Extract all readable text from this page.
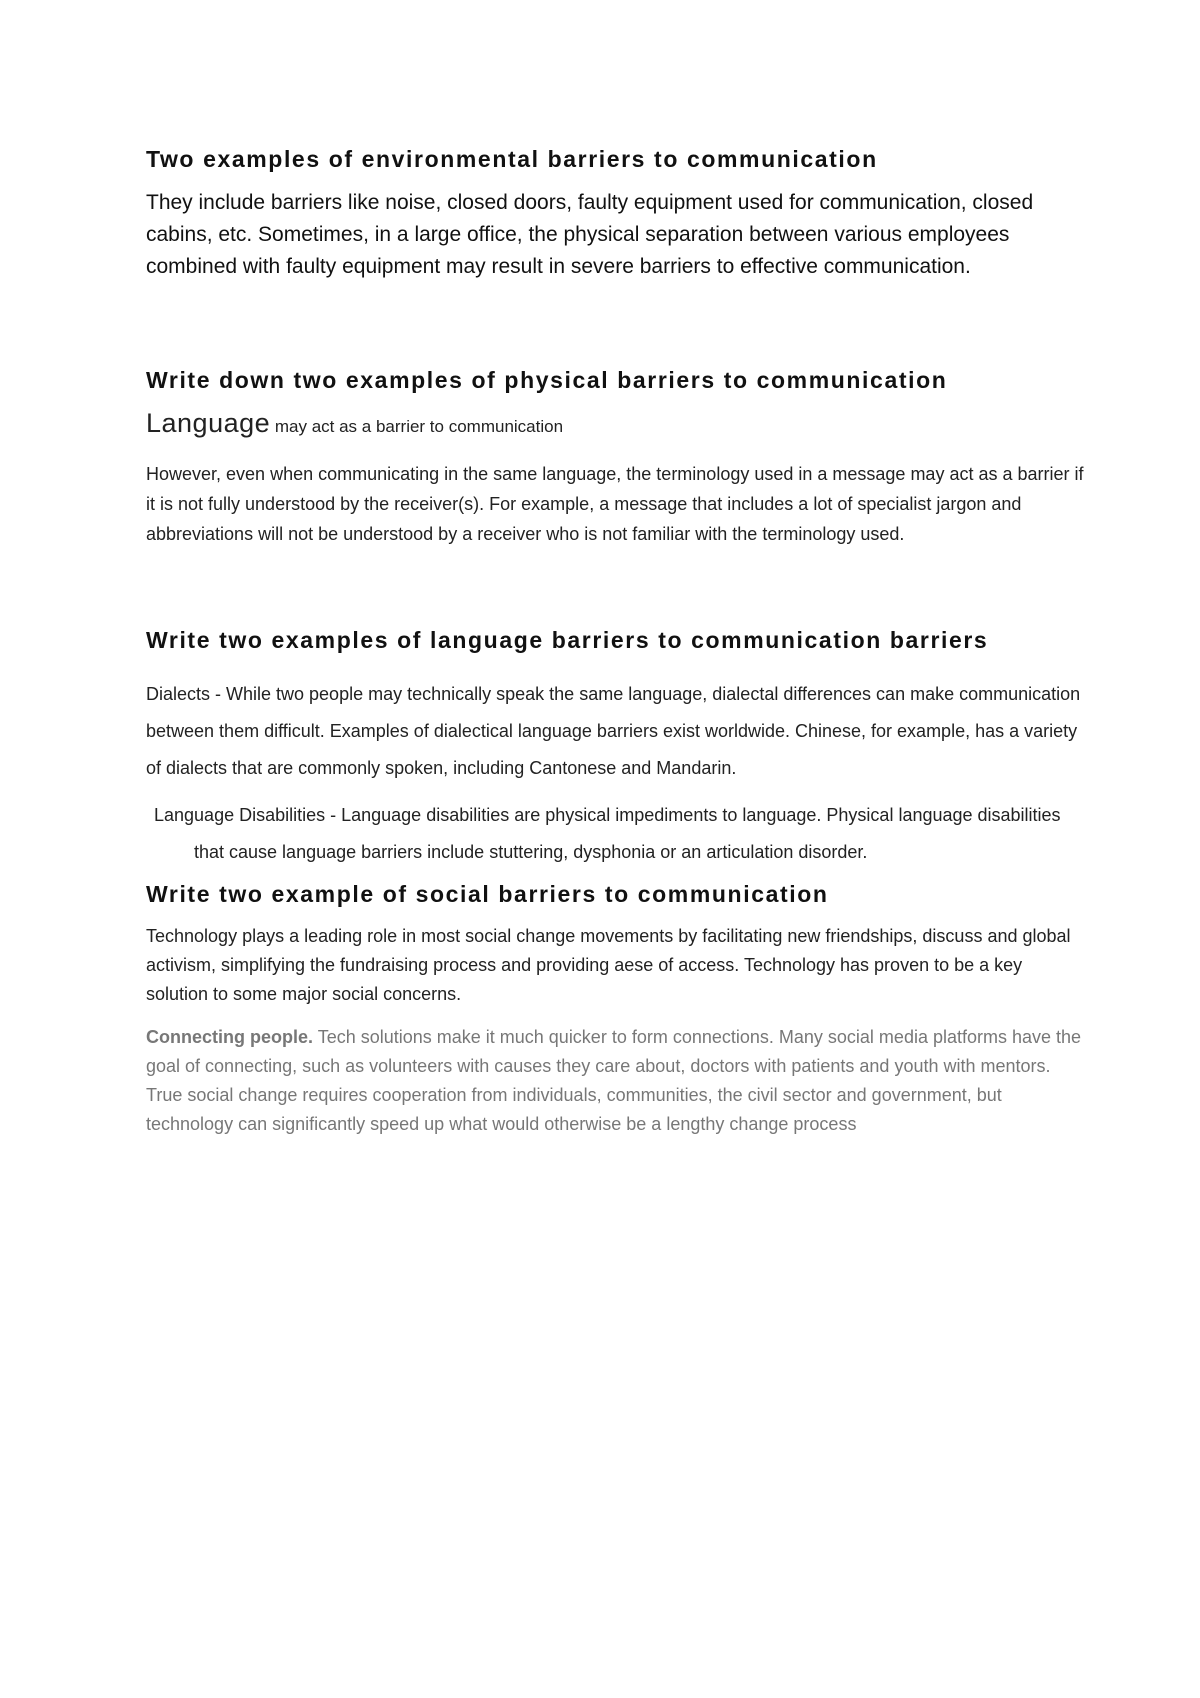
Two examples of environmental barriers to communication

They include barriers like noise, closed doors, faulty equipment used for communication, closed cabins, etc. Sometimes, in a large office, the physical separation between various employees combined with faulty equipment may result in severe barriers to effective communication.

Write down two examples of physical barriers to communication

Language may act as a barrier to communication

However, even when communicating in the same language, the terminology used in a message may act as a barrier if it is not fully understood by the receiver(s). For example, a message that includes a lot of specialist jargon and abbreviations will not be understood by a receiver who is not familiar with the terminology used.

Write two examples of language barriers to communication barriers

Dialects - While two people may technically speak the same language, dialectal differences can make communication between them difficult. Examples of dialectical language barriers exist worldwide. Chinese, for example, has a variety of dialects that are commonly spoken, including Cantonese and Mandarin.

Language Disabilities - Language disabilities are physical impediments to language. Physical language disabilities that cause language barriers include stuttering, dysphonia or an articulation disorder.

Write two example of social barriers to communication

Technology plays a leading role in most social change movements by facilitating new friendships, discuss and global activism, simplifying the fundraising process and providing aese of access. Technology has proven to be a key solution to some major social concerns.

Connecting people. Tech solutions make it much quicker to form connections. Many social media platforms have the goal of connecting, such as volunteers with causes they care about, doctors with patients and youth with mentors. True social change requires cooperation from individuals, communities, the civil sector and government, but technology can significantly speed up what would otherwise be a lengthy change process
